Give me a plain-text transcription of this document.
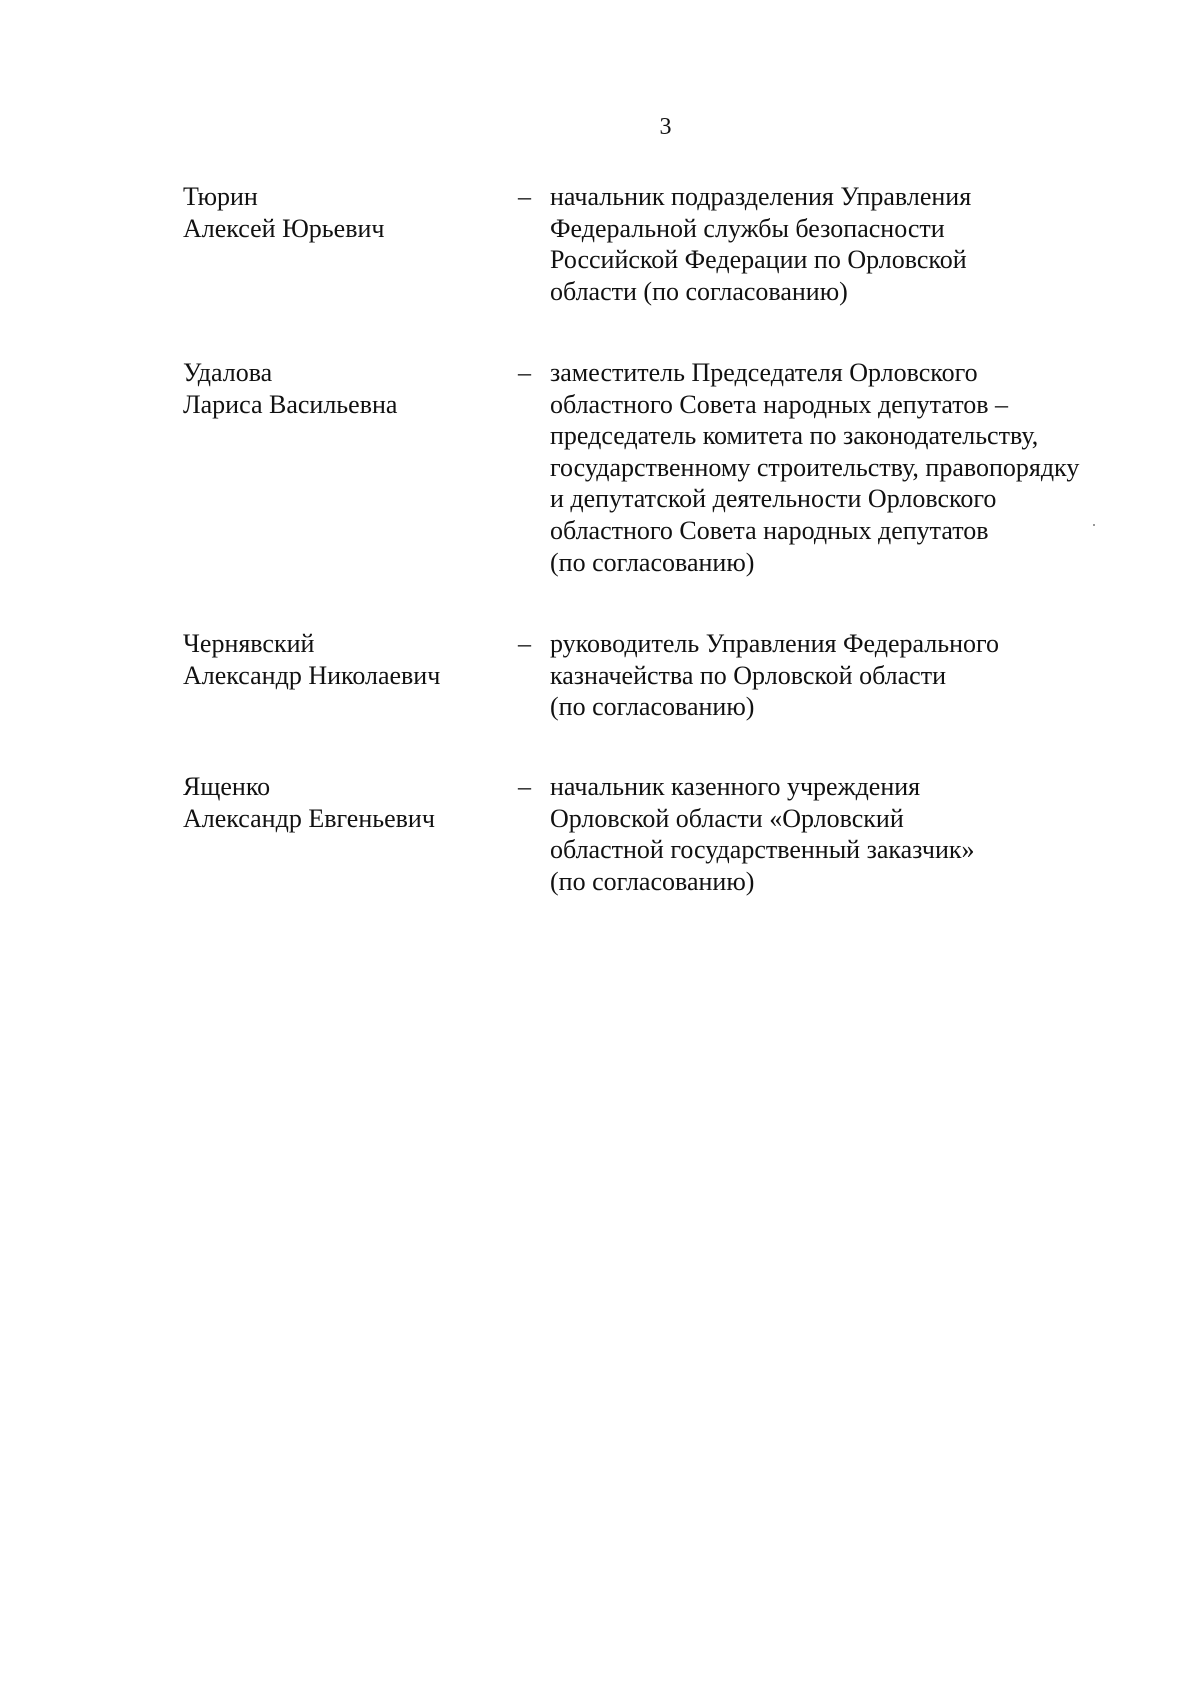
3
Тюрин
Алексей Юрьевич
– начальник подразделения Управления
Федеральной службы безопасности
Российской Федерации по Орловской
области (по согласованию)
Удалова
Лариса Васильевна
– заместитель Председателя Орловского
областного Совета народных депутатов –
председатель комитета по законодательству,
государственному строительству, правопорядку
и депутатской деятельности Орловского
областного Совета народных депутатов
(по согласованию)
Чернявский
Александр Николаевич
– руководитель Управления Федерального
казначейства по Орловской области
(по согласованию)
Ященко
Александр Евгеньевич
– начальник казенного учреждения
Орловской области «Орловский
областной государственный заказчик»
(по согласованию)
